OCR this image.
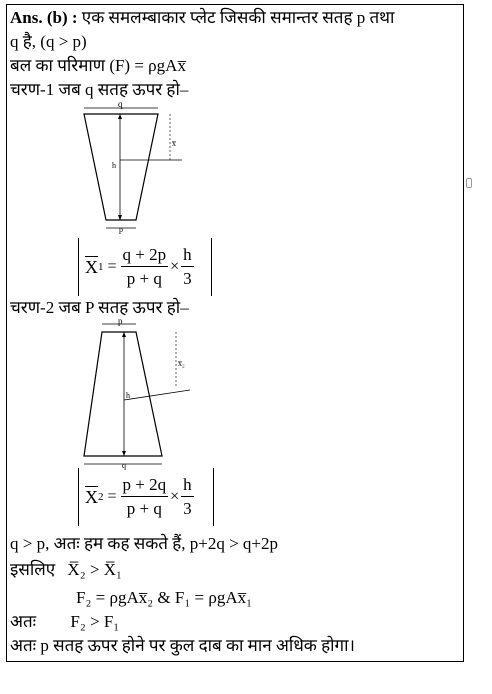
Ans. (b) : एक समलम्बाकार प्लेट जिसकी समान्तर सतह p तथा
q है, (q > p)
बल का परिमाण (F) = ρgAx̅
चरण-1 जब q सतह ऊपर हो–
q
h
x̅
p
$\overline{X}$ $1 = \frac{q + 2p}{p + q} \times \frac{h}{3}$
चरण-2 जब P सतह ऊपर हो–
p
h
x̅₂
q
$\overline{X}$ $2 = \frac{p + 2q}{p + q} \times \frac{h}{3}$
q > p, अतः हम कह सकते हैं, p+2q > q+2p
इसलिए X̅₂ > X̅₁
F₂ = ρgAx̅₂ & F₁ = ρgAx̅₁
अतः F₂ > F₁
अतः p सतह ऊपर होने पर कुल दाब का मान अधिक होगा।
